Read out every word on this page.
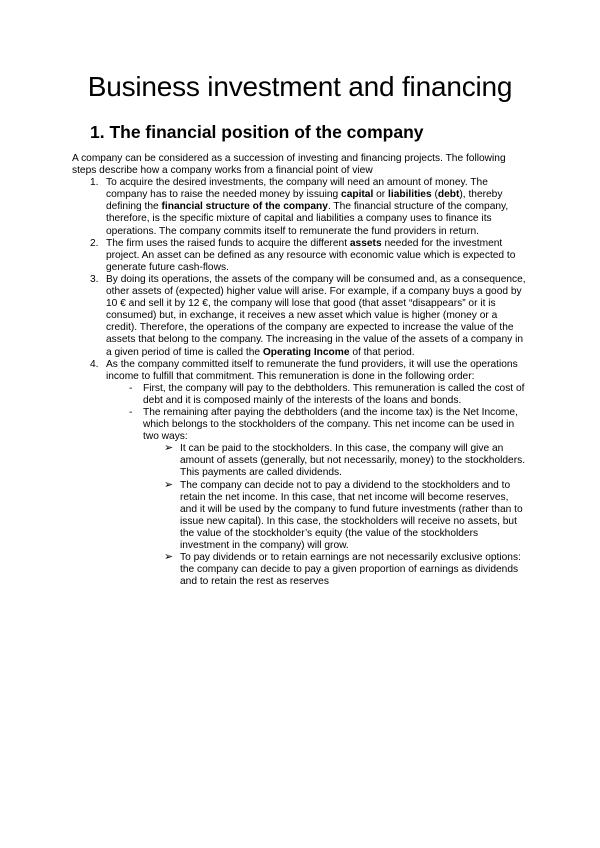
Business investment and financing
1. The financial position of the company

A company can be considered as a succession of investing and financing projects. The following steps describe how a company works from a financial point of view

1. To acquire the desired investments, the company will need an amount of money. The company has to raise the needed money by issuing capital or liabilities (debt), thereby defining the financial structure of the company. The financial structure of the company, therefore, is the specific mixture of capital and liabilities a company uses to finance its operations. The company commits itself to remunerate the fund providers in return.
2. The firm uses the raised funds to acquire the different assets needed for the investment project. An asset can be defined as any resource with economic value which is expected to generate future cash-flows.
3. By doing its operations, the assets of the company will be consumed and, as a consequence, other assets of (expected) higher value will arise. For example, if a company buys a good by 10 € and sell it by 12 €, the company will lose that good (that asset “disappears” or it is consumed) but, in exchange, it receives a new asset which value is higher (money or a credit). Therefore, the operations of the company are expected to increase the value of the assets that belong to the company. The increasing in the value of the assets of a company in a given period of time is called the Operating Income of that period.
4. As the company committed itself to remunerate the fund providers, it will use the operations income to fulfill that commitment. This remuneration is done in the following order:
- First, the company will pay to the debtholders. This remuneration is called the cost of debt and it is composed mainly of the interests of the loans and bonds.
- The remaining after paying the debtholders (and the income tax) is the Net Income, which belongs to the stockholders of the company. This net income can be used in two ways:
➢ It can be paid to the stockholders. In this case, the company will give an amount of assets (generally, but not necessarily, money) to the stockholders. This payments are called dividends.
➢ The company can decide not to pay a dividend to the stockholders and to retain the net income. In this case, that net income will become reserves, and it will be used by the company to fund future investments (rather than to issue new capital). In this case, the stockholders will receive no assets, but the value of the stockholder’s equity (the value of the stockholders investment in the company) will grow.
➢ To pay dividends or to retain earnings are not necessarily exclusive options: the company can decide to pay a given proportion of earnings as dividends and to retain the rest as reserves
